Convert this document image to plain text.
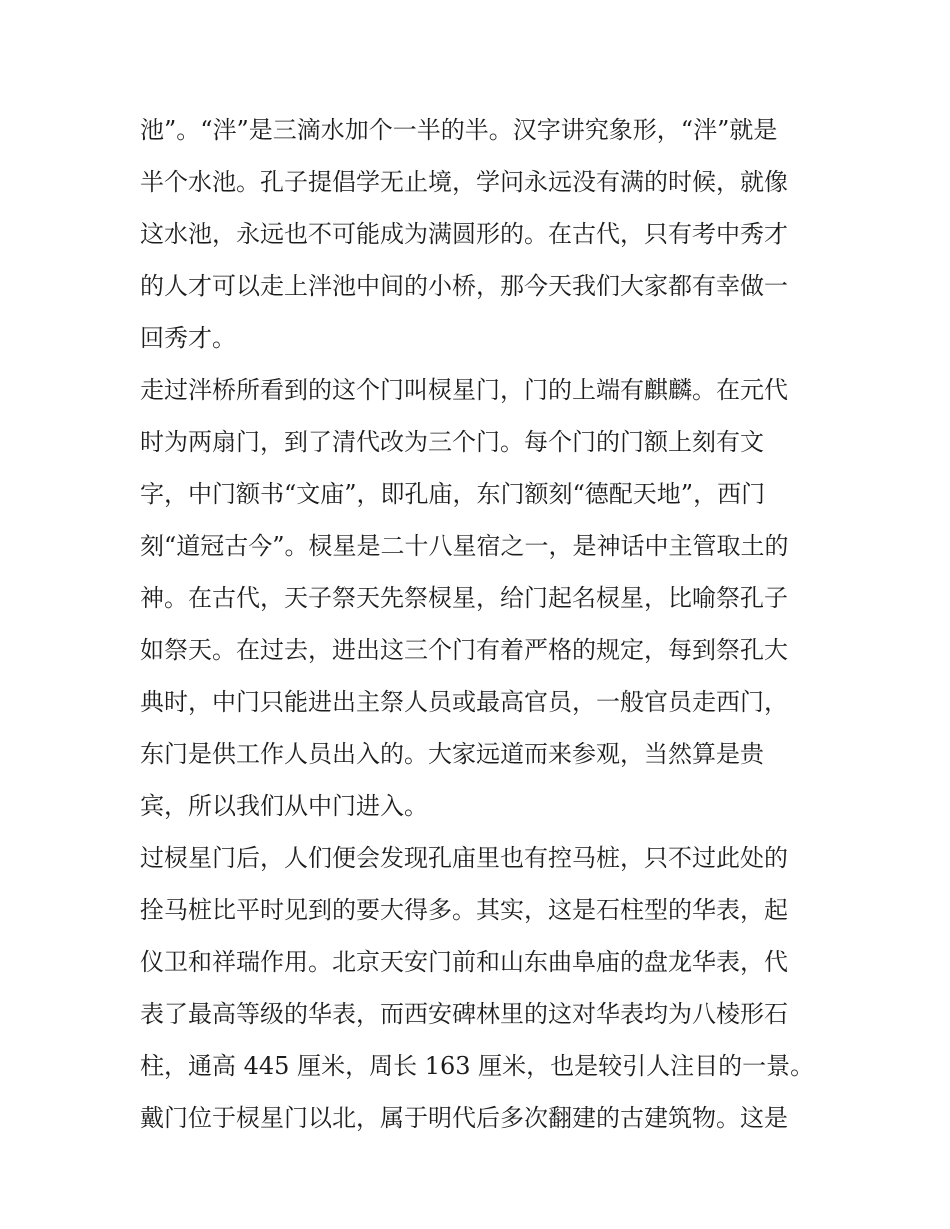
池”。“泮”是三滴水加个一半的半。汉字讲究象形，“泮”就是
半个水池。孔子提倡学无止境，学问永远没有满的时候，就像
这水池，永远也不可能成为满圆形的。在古代，只有考中秀才
的人才可以走上泮池中间的小桥，那今天我们大家都有幸做一
回秀才。
走过泮桥所看到的这个门叫棂星门，门的上端有麒麟。在元代
时为两扇门，到了清代改为三个门。每个门的门额上刻有文
字，中门额书“文庙”，即孔庙，东门额刻“德配天地”，西门
刻“道冠古今”。棂星是二十八星宿之一，是神话中主管取土的
神。在古代，天子祭天先祭棂星，给门起名棂星，比喻祭孔子
如祭天。在过去，进出这三个门有着严格的规定，每到祭孔大
典时，中门只能进出主祭人员或最高官员，一般官员走西门，
东门是供工作人员出入的。大家远道而来参观，当然算是贵
宾，所以我们从中门进入。
过棂星门后，人们便会发现孔庙里也有控马桩，只不过此处的
拴马桩比平时见到的要大得多。其实，这是石柱型的华表，起
仪卫和祥瑞作用。北京天安门前和山东曲阜庙的盘龙华表，代
表了最高等级的华表，而西安碑林里的这对华表均为八棱形石
柱，通高 445 厘米，周长 163 厘米，也是较引人注目的一景。
戴门位于棂星门以北，属于明代后多次翻建的古建筑物。这是
